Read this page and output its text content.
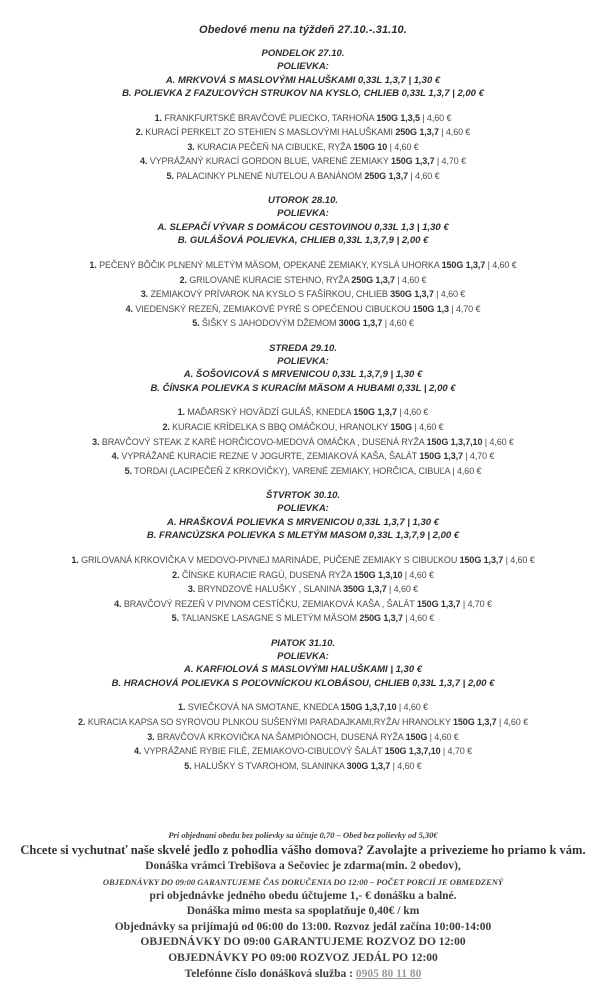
Obedové menu na týždeň 27.10.-.31.10.
PONDELOK 27.10.
POLIEVKA:
A. MRKVOVÁ S MASLOVÝMI HALUŠKAMI 0,33L 1,3,7 | 1,30 €
B. POLIEVKA Z FAZUĽOVÝCH STRUKOV NA KYSLO, CHLIEB 0,33L 1,3,7 | 2,00 €
1. FRANKFURTSKÉ BRAVČOVÉ PLIECKO, TARHOŇA 150G 1,3,5 | 4,60 €
2. KURACÍ PERKELT ZO STEHIEN S MASLOVÝMI HALUŠKAMI 250G 1,3,7 | 4,60 €
3. KURACIA PEČEŇ NA CIBUĽKE, RYŽA 150G 10 | 4,60 €
4. VYPRÁŽANÝ KURACÍ GORDON BLUE, VARENÉ ZEMIAKY 150G 1,3,7 | 4,70 €
5. PALACINKY PLNENÉ NUTELOU A BANÁNOM 250G 1,3,7 | 4,60 €
UTOROK 28.10.
POLIEVKA:
A. SLEPAČÍ VÝVAR S DOMÁCOU CESTOVINOU 0,33L 1,3 | 1,30 €
B. GULÁŠOVÁ POLIEVKA, CHLIEB 0,33L 1,3,7,9 | 2,00 €
1. PEČENÝ BÔČIK PLNENÝ MLETÝM MÄSOM, OPEKANÉ ZEMIAKY, KYSLÁ UHORKA 150G 1,3,7 | 4,60 €
2. GRILOVANÉ KURACIE STEHNO, RYŽA 250G 1,3,7 | 4,60 €
3. ZEMIAKOVÝ PRÍVAROK NA KYSLO S FAŠÍRKOU, CHLIEB 350G 1,3,7 | 4,60 €
4. VIEDENSKÝ REZEŇ, ZEMIAKOVÉ PYRÉ S OPEČENOU CIBUĽKOU 150G 1,3 | 4,70 €
5. ŠIŠKY S JAHODOVÝM DŽEMOM 300G 1,3,7 | 4,60 €
STREDA 29.10.
POLIEVKA:
A. ŠOŠOVICOVÁ S MRVENICOU 0,33L 1,3,7,9 | 1,30 €
B. ČÍNSKA POLIEVKA S KURACÍM MÄSOM A HUBAMI 0,33L | 2,00 €
1. MAĎARSKÝ HOVÄDZÍ GULÁŠ, KNEDĽA 150G 1,3,7 | 4,60 €
2. KURACIE KRÍDELKA S BBQ OMÁČKOU, HRANOLKY 150G | 4,60 €
3. BRAVČOVÝ STEAK Z KARÉ HORČICOVO-MEDOVÁ OMÁČKA , DUSENÁ RYŽA 150G 1,3,7,10 | 4,60 €
4. VYPRÁŽANÉ KURACIE REZNE V JOGURTE, ZEMIAKOVÁ KAŠA, ŠALÁT 150G 1,3,7 | 4,70 €
5. TORDAI (LACIPEČEŇ Z KRKOVIČKY), VARENÉ ZEMIAKY, HORČICA, CIBUĽA | 4,60 €
ŠTVRTOK 30.10.
POLIEVKA:
A. HRAŠKOVÁ POLIEVKA S MRVENICOU 0,33L 1,3,7 | 1,30 €
B. FRANCÚZSKA POLIEVKA S MLETÝM MASOM 0,33L 1,3,7,9 | 2,00 €
1. GRILOVANÁ KRKOVIČKA V MEDOVO-PIVNEJ MARINÁDE, PUČENÉ ZEMIAKY S CIBUĽKOU 150G 1,3,7 | 4,60 €
2. ČÍNSKE KURACIE RAGÚ, DUSENÁ RYŽA 150G 1,3,10 | 4,60 €
3. BRYNDZOVÉ HALUŠKY , SLANINA 350G 1,3,7 | 4,60 €
4. BRAVČOVÝ REZEŇ V PIVNOM CESTÍČKU, ZEMIAKOVÁ KAŠA , ŠALÁT 150G 1,3,7 | 4,70 €
5. TALIANSKE LASAGNE S MLETÝM MÄSOM 250G 1,3,7 | 4,60 €
PIATOK 31.10.
POLIEVKA:
A. KARFIOLOVÁ S MASLOVÝMI HALUŠKAMI | 1,30 €
B. HRACHOVÁ POLIEVKA S POĽOVNÍCKOU KLOBÁSOU, CHLIEB 0,33L 1,3,7 | 2,00 €
1. SVIEČKOVÁ NA SMOTANE, KNEDĽA 150G 1,3,7,10 | 4,60 €
2. KURACIA KAPSA SO SYROVOU PLNKOU SUŠENÝMI PARADAJKAMI,RYŽA/ HRANOLKY 150G 1,3,7 | 4,60 €
3. BRAVČOVÁ KRKOVIČKA NA ŠAMPIÓNOCH, DUSENÁ RYŽA 150G | 4,60 €
4. VYPRÁŽANÉ RYBIE FILÉ, ZEMIAKOVO-CIBUĽOVÝ ŠALÁT 150G 1,3,7,10 | 4,70 €
5. HALUŠKY S TVAROHOM, SLANINKA 300G 1,3,7 | 4,60 €
Pri objednaní obedu bez polievky sa účtuje 0,70 – Obed bez polievky od 5,30€
Chcete si vychutnať naše skvelé jedlo z pohodlia vášho domova? Zavolajte a privezieme ho priamo k vám.
Donáška vrámci Trebišova a Sečoviec je zdarma(min. 2 obedov),
OBJEDNÁVKY DO 09:00 GARANTUJEME ČAS DORUČENIA DO 12:00 – POČET PORCIÍ JE OBMEDZENÝ
pri objednávke jedného obedu účtujeme 1,- € donášku a balné.
Donáška mimo mesta sa spoplatňuje 0,40€ / km
Objednávky sa prijímajú od 06:00 do 13:00. Rozvoz jedál začína 10:00-14:00
OBJEDNÁVKY DO 09:00 GARANTUJEME ROZVOZ DO 12:00
OBJEDNÁVKY PO 09:00 ROZVOZ JEDÁL PO 12:00
Telefónne číslo donášková služba : 0905 80 11 80
